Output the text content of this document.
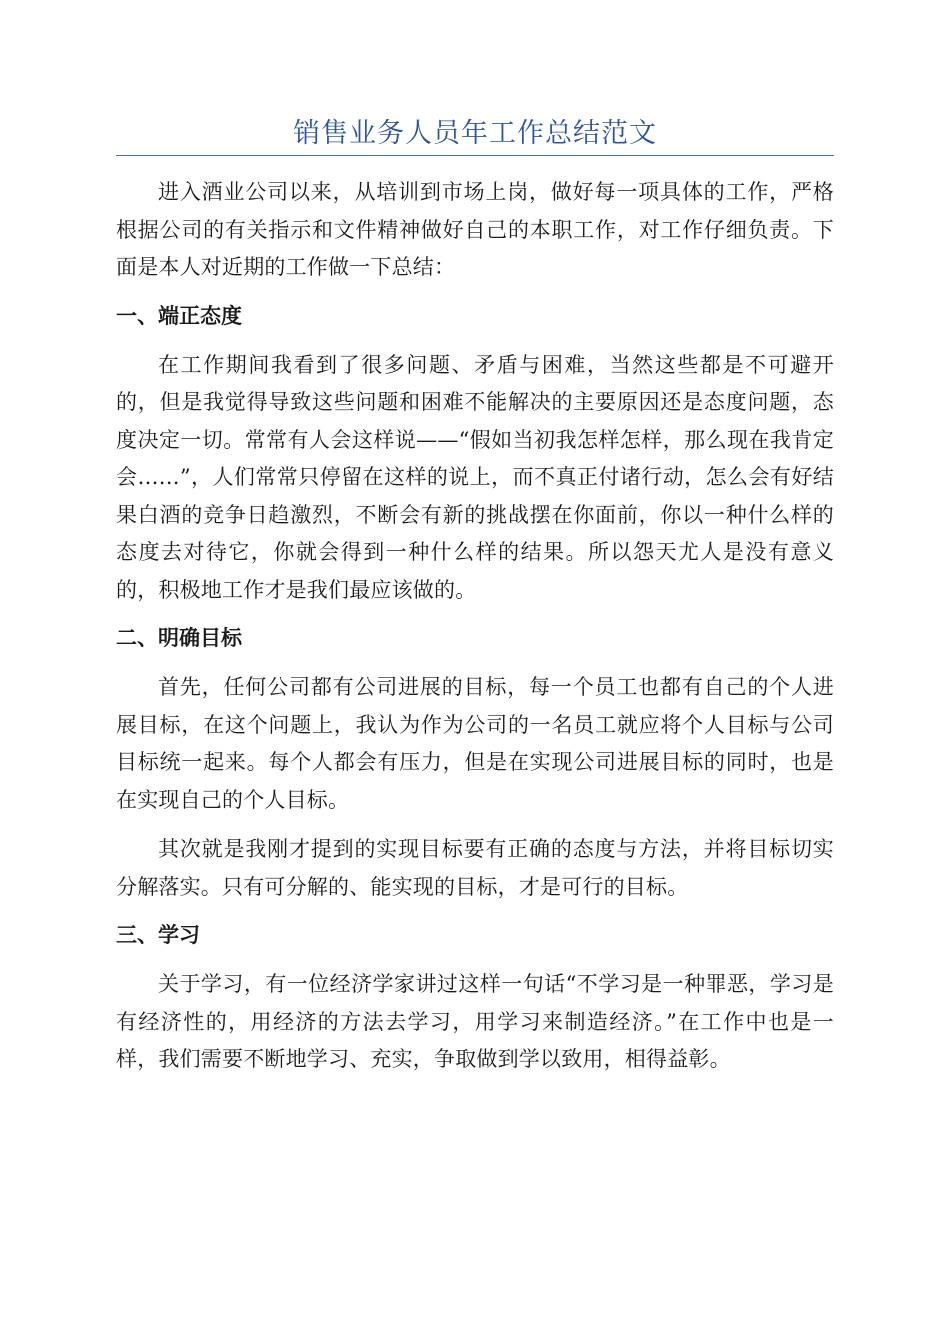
销售业务人员年工作总结范文

进入酒业公司以来，从培训到市场上岗，做好每一项具体的工作，严格根据公司的有关指示和文件精神做好自己的本职工作，对工作仔细负责。下面是本人对近期的工作做一下总结：

一、端正态度

在工作期间我看到了很多问题、矛盾与困难，当然这些都是不可避开的，但是我觉得导致这些问题和困难不能解决的主要原因还是态度问题，态度决定一切。常常有人会这样说——“假如当初我怎样怎样，那么现在我肯定会……”，人们常常只停留在这样的说上，而不真正付诸行动，怎么会有好结果白酒的竞争日趋激烈，不断会有新的挑战摆在你面前，你以一种什么样的态度去对待它，你就会得到一种什么样的结果。所以怨天尤人是没有意义的，积极地工作才是我们最应该做的。

二、明确目标

首先，任何公司都有公司进展的目标，每一个员工也都有自己的个人进展目标，在这个问题上，我认为作为公司的一名员工就应将个人目标与公司目标统一起来。每个人都会有压力，但是在实现公司进展目标的同时，也是在实现自己的个人目标。

其次就是我刚才提到的实现目标要有正确的态度与方法，并将目标切实分解落实。只有可分解的、能实现的目标，才是可行的目标。

三、学习

关于学习，有一位经济学家讲过这样一句话“不学习是一种罪恶，学习是有经济性的，用经济的方法去学习，用学习来制造经济。”在工作中也是一样，我们需要不断地学习、充实，争取做到学以致用，相得益彰。
